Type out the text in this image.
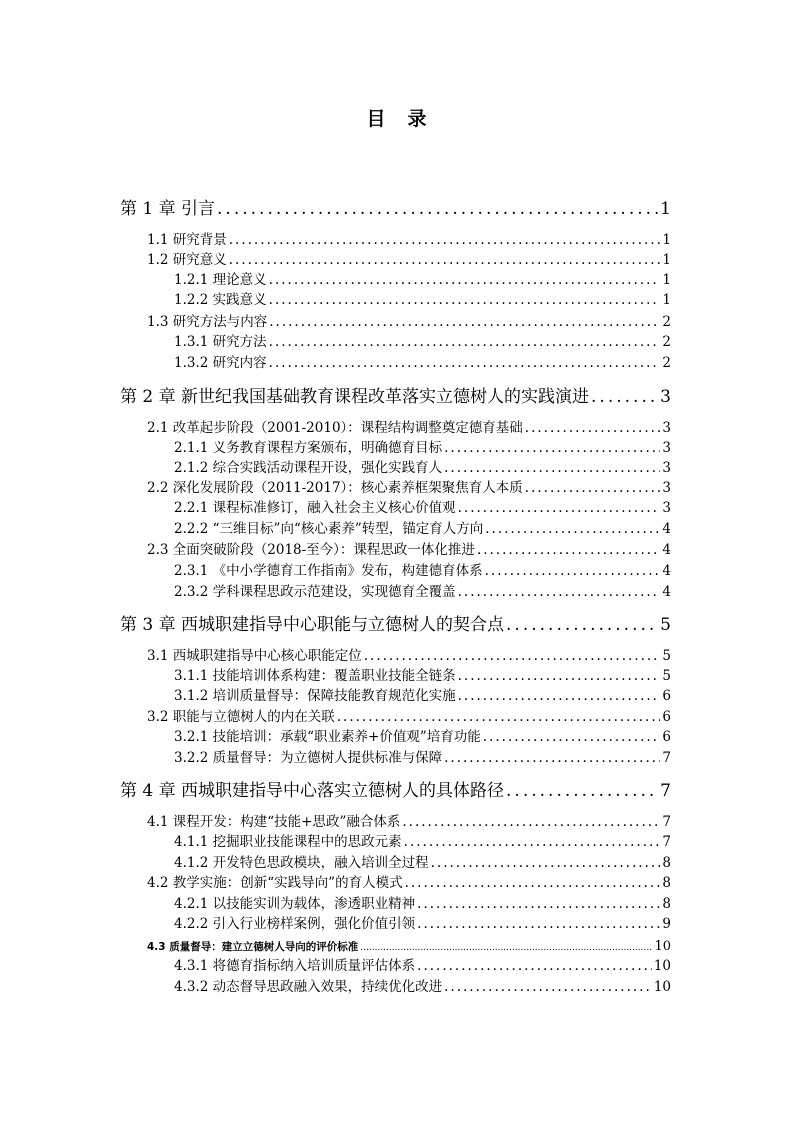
目 录
第 1 章 引言 .....	1
1.1 研究背景 .....	1
1.2 研究意义 .....	1
1.2.1 理论意义 .....	1
1.2.2 实践意义 .....	1
1.3 研究方法与内容 .....	2
1.3.1 研究方法 .....	2
1.3.2 研究内容 .....	2
第 2 章 新世纪我国基础教育课程改革落实立德树人的实践演进 .....	3
2.1 改革起步阶段（2001-2010）：课程结构调整奠定德育基础 .....	3
2.1.1 义务教育课程方案颁布，明确德育目标 .....	3
2.1.2 综合实践活动课程开设，强化实践育人 .....	3
2.2 深化发展阶段（2011-2017）：核心素养框架聚焦育人本质 .....	3
2.2.1 课程标准修订，融入社会主义核心价值观 .....	3
2.2.2 “三维目标”向“核心素养”转型，锚定育人方向 .....	4
2.3 全面突破阶段（2018-至今）：课程思政一体化推进 .....	4
2.3.1 《中小学德育工作指南》发布，构建德育体系 .....	4
2.3.2 学科课程思政示范建设，实现德育全覆盖 .....	4
第 3 章 西城职建指导中心职能与立德树人的契合点 .....	5
3.1 西城职建指导中心核心职能定位 .....	5
3.1.1 技能培训体系构建：覆盖职业技能全链条 .....	5
3.1.2 培训质量督导：保障技能教育规范化实施 .....	6
3.2 职能与立德树人的内在关联 .....	6
3.2.1 技能培训：承载“职业素养+价值观”培育功能 .....	6
3.2.2 质量督导：为立德树人提供标准与保障 .....	7
第 4 章 西城职建指导中心落实立德树人的具体路径 .....	7
4.1 课程开发：构建“技能+思政”融合体系 .....	7
4.1.1 挖掘职业技能课程中的思政元素 .....	7
4.1.2 开发特色思政模块，融入培训全过程 .....	8
4.2 教学实施：创新“实践导向”的育人模式 .....	8
4.2.1 以技能实训为载体，渗透职业精神 .....	8
4.2.2 引入行业榜样案例，强化价值引领 .....	9
4.3 质量督导：建立立德树人导向的评价标准 .....	10
4.3.1 将德育指标纳入培训质量评估体系 .....	10
4.3.2 动态督导思政融入效果，持续优化改进 .....	10
